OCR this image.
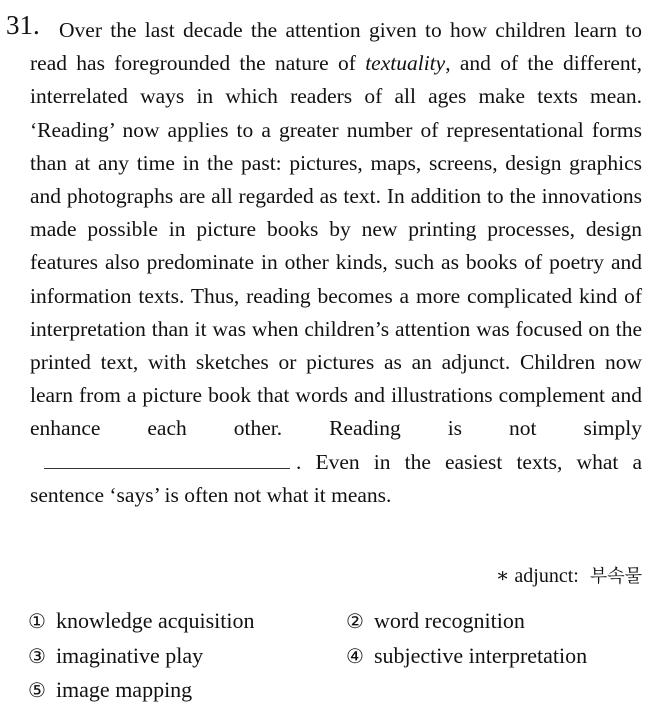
31. Over the last decade the attention given to how children learn to read has foregrounded the nature of textuality, and of the different, interrelated ways in which readers of all ages make texts mean. ‘Reading’ now applies to a greater number of representational forms than at any time in the past: pictures, maps, screens, design graphics and photographs are all regarded as text. In addition to the innovations made possible in picture books by new printing processes, design features also predominate in other kinds, such as books of poetry and information texts. Thus, reading becomes a more complicated kind of interpretation than it was when children’s attention was focused on the printed text, with sketches or pictures as an adjunct. Children now learn from a picture book that words and illustrations complement and enhance each other. Reading is not simply. Even in the easiest texts, what a sentence ‘says’ is often not what it means.

∗ adjunct: 부속물
① knowledge acquisition	② word recognition
③ imaginative play	④ subjective interpretation
⑤ image mapping
